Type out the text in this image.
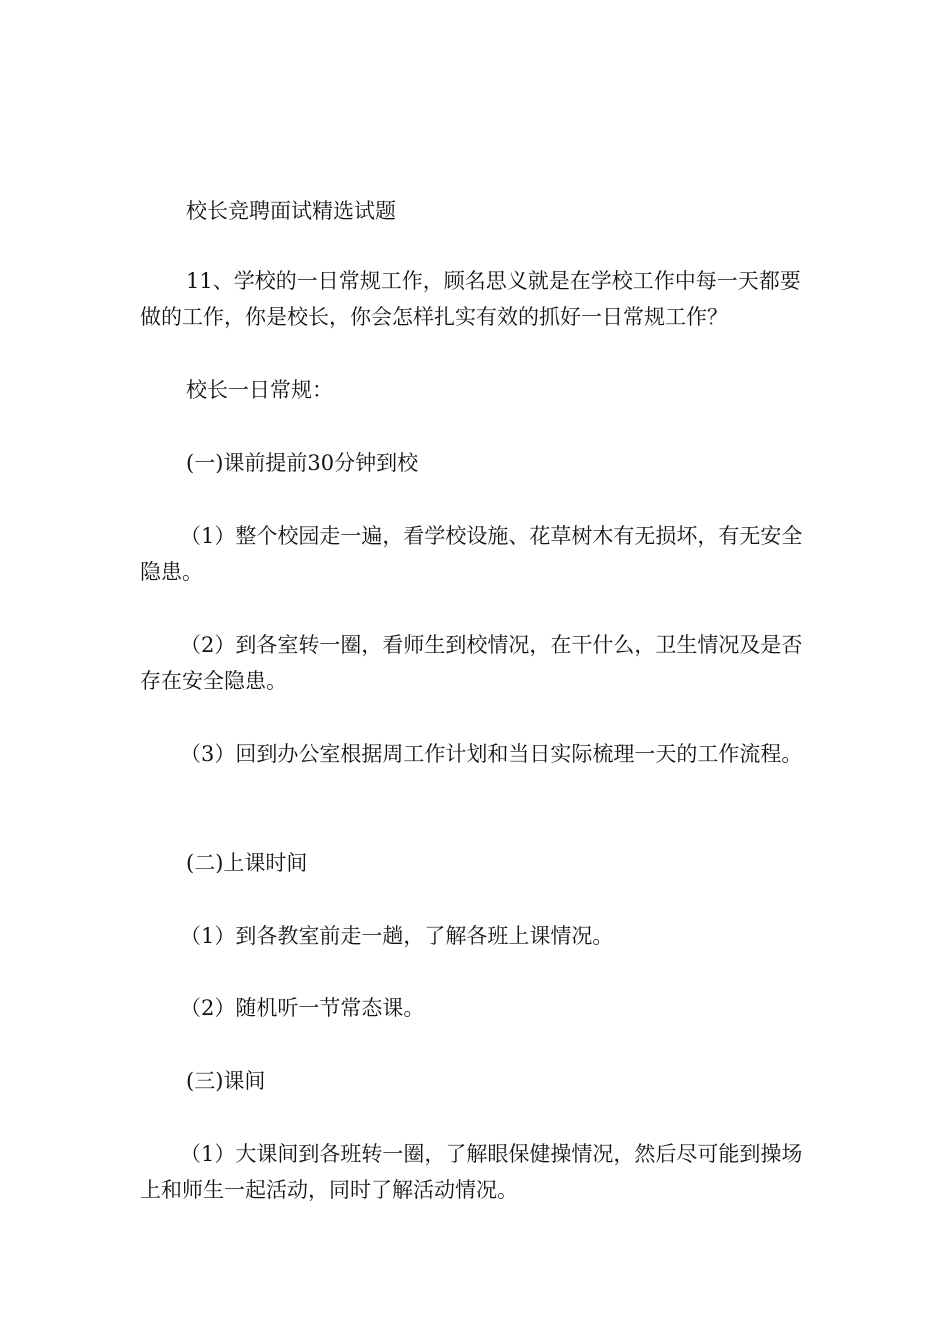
校长竞聘面试精选试题

11、学校的一日常规工作，顾名思义就是在学校工作中每一天都要做的工作，你是校长，你会怎样扎实有效的抓好一日常规工作？

校长一日常规：

(一)课前提前30分钟到校

（1）整个校园走一遍，看学校设施、花草树木有无损坏，有无安全隐患。

（2）到各室转一圈，看师生到校情况，在干什么，卫生情况及是否存在安全隐患。

（3）回到办公室根据周工作计划和当日实际梳理一天的工作流程。

(二)上课时间

（1）到各教室前走一趟，了解各班上课情况。

（2）随机听一节常态课。

(三)课间

（1）大课间到各班转一圈，了解眼保健操情况，然后尽可能到操场上和师生一起活动，同时了解活动情况。
